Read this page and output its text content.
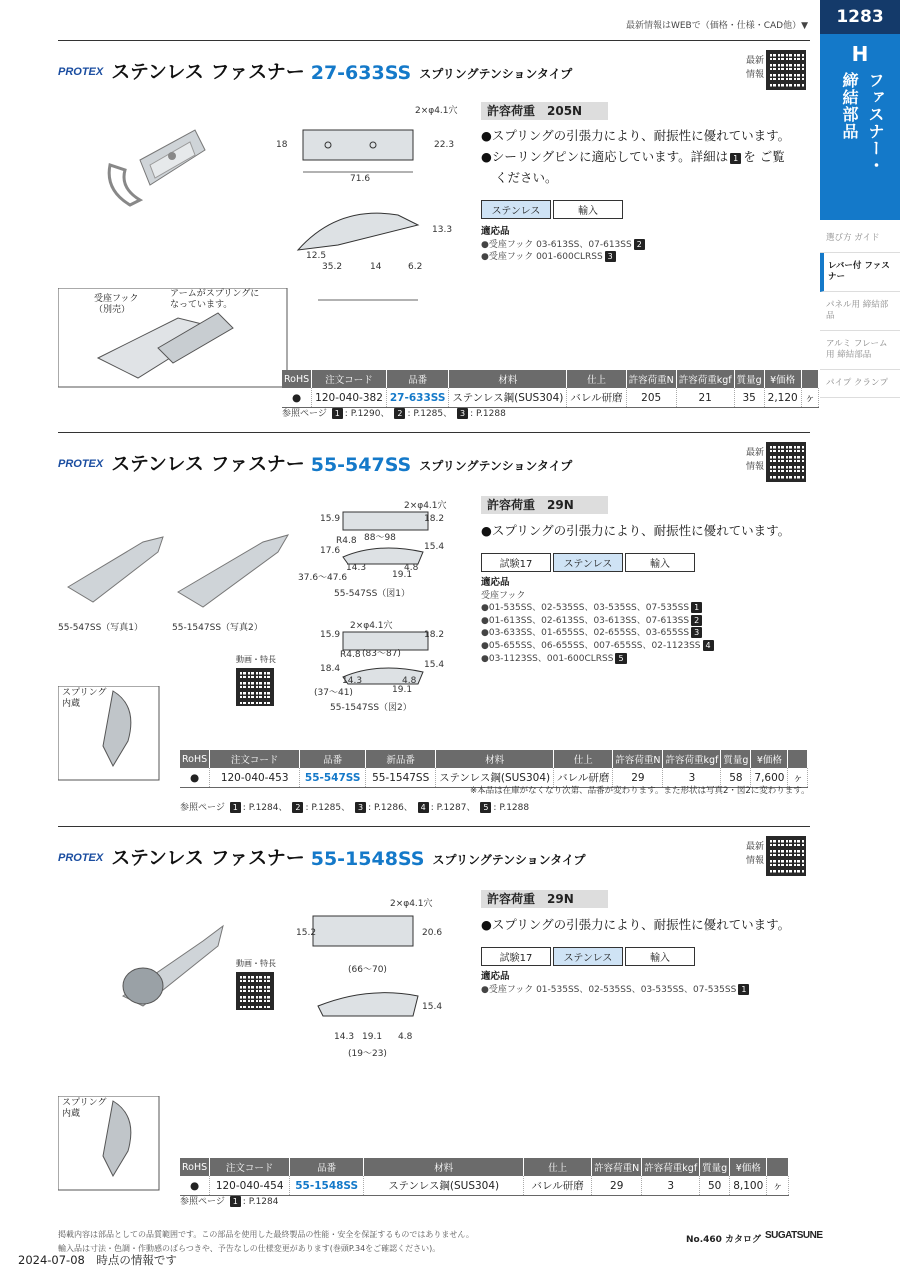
最新情報はWEBで（価格・仕様・CAD他）▼	1283
H
ファスナー・
締結部品
選び方 ガイド
レバー付 ファスナー
パネル用 締結部品
アルミ フレーム用 締結部品
パイプ クランプ
PROTEX ステンレス ファスナー 27-633SS スプリングテンションタイプ
最新
情報
2×φ4.1穴
18	22.3
71.6
13.3
12.5
35.2	14	6.2
受座フック
（別売）
アームがスプリングに
なっています。
許容荷重　205N
●スプリングの引張力により、耐振性に優れています。
●シーリングピンに適応しています。詳細は 1 を ご覧
ください。
ステンレス	輸入
適応品
●受座フック 03-613SS、07-613SS 2
●受座フック 001-600CLRSS 3
RoHS	注文コード	品番	材料	仕上	許容荷重N	許容荷重kgf	質量g	¥価格	
●	120-040-382	27-633SS	ステンレス鋼(SUS304)	バレル研磨	205	21	35	2,120	ヶ
参照ページ 1 : P.1290、 2 : P.1285、 3 : P.1288
PROTEX ステンレス ファスナー 55-547SS スプリングテンションタイプ
最新
情報
55-547SS（写真1）	55-1547SS（写真2）
2×φ4.1穴
15.9	18.2
R4.8 88～98
17.6	15.4
14.3	4.8
37.6～47.6	19.1
55-547SS（図1）
2×φ4.1穴
15.9	18.2
R4.8 (83～87)
18.4	15.4
14.3	4.8
(37～41)	19.1
55-1547SS（図2）
動画・特長
スプリング
内蔵
許容荷重　29N
●スプリングの引張力により、耐振性に優れています。
試験17	ステンレス	輸入
適応品
受座フック
●01-535SS、02-535SS、03-535SS、07-535SS 1
●01-613SS、02-613SS、03-613SS、07-613SS 2
●03-633SS、01-655SS、02-655SS、03-655SS 3
●05-655SS、06-655SS、007-655SS、02-1123SS 4
●03-1123SS、001-600CLRSS 5
RoHS	注文コード	品番	新品番	材料	仕上	許容荷重N	許容荷重kgf	質量g	¥価格	
●	120-040-453	55-547SS	55-1547SS	ステンレス鋼(SUS304)	バレル研磨	29	3	58	7,600	ヶ
※本品は在庫がなくなり次第、品番が変わります。また形状は写真2・図2に変わります。
参照ページ 1 : P.1284、 2 : P.1285、 3 : P.1286、 4 : P.1287、 5 : P.1288
PROTEX ステンレス ファスナー 55-1548SS スプリングテンションタイプ
最新
情報
動画・特長
2×φ4.1穴
15.2	20.6
(66～70)
15.4
14.3 19.1 4.8
(19～23)
スプリング
内蔵
許容荷重　29N
●スプリングの引張力により、耐振性に優れています。
試験17	ステンレス	輸入
適応品
●受座フック 01-535SS、02-535SS、03-535SS、07-535SS 1
RoHS	注文コード	品番	材料	仕上	許容荷重N	許容荷重kgf	質量g	¥価格	
●	120-040-454	55-1548SS	ステンレス鋼(SUS304)	バレル研磨	29	3	50	8,100	ヶ
参照ページ 1 : P.1284
掲載内容は部品としての品質範囲です。この部品を使用した最終製品の性能・安全を保証するものではありません。
輸入品は寸法・色調・作動感のばらつきや、予告なしの仕様変更があります(巻頭P.34をご確認ください)。
No.460 カタログ SUGATSUNE
2024-07-08　時点の情報です
